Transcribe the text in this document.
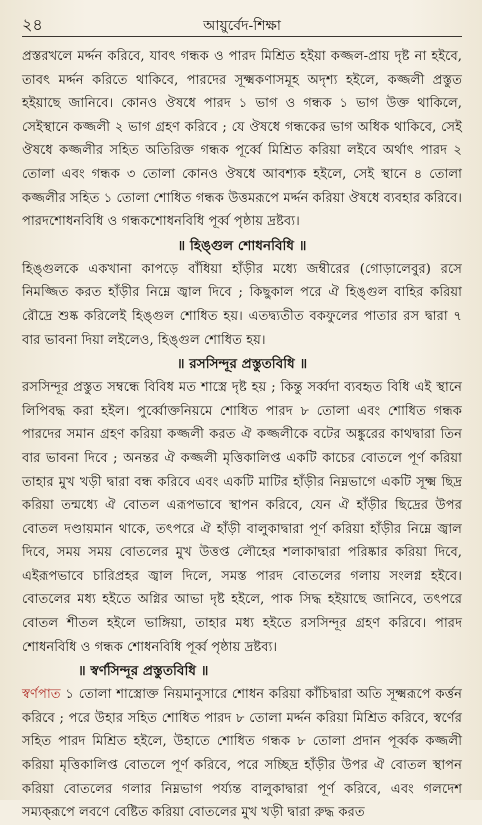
২৪	আয়ুর্বেদ-শিক্ষা

প্রস্তরখলে মর্দ্দন করিবে, যাবৎ গন্ধক ও পারদ মিশ্রিত হইয়া কজ্জল-প্রায় দৃষ্ট না হইবে, তাবৎ মর্দ্দন করিতে থাকিবে, পারদের সূক্ষ্মকণাসমূহ অদৃশ্য হইলে, কজ্জলী প্রস্তুত হইয়াছে জানিবে। কোনও ঔষধে পারদ ১ ভাগ ও গন্ধক ১ ভাগ উক্ত থাকিলে, সেইস্থানে কজ্জলী ২ ভাগ গ্রহণ করিবে ; যে ঔষধে গন্ধকের ভাগ অধিক থাকিবে, সেই ঔষধে কজ্জলীর সহিত অতিরিক্ত গন্ধক পূর্ব্বে মিশ্রিত করিয়া লইবে অর্থাৎ পারদ ২ তোলা এবং গন্ধক ৩ তোলা কোনও ঔষধে আবশ্যক হইলে, সেই স্থানে ৪ তোলা কজ্জলীর সহিত ১ তোলা শোধিত গন্ধক উত্তমরূপে মর্দ্দন করিয়া ঔষধে ব্যবহার করিবে। পারদশোধনবিধি ও গন্ধকশোধনবিধি পূর্ব্ব পৃষ্ঠায় দ্রষ্টব্য।

॥ হিঙ্গুল শোধনবিধি ॥

হিঙ্গুলকে একখানা কাপড়ে বাঁধিয়া হাঁড়ীর মধ্যে জম্বীরের (গোড়ালেবুর) রসে নিমজ্জিত করত হাঁড়ীর নিম্নে জ্বাল দিবে ; কিছুকাল পরে ঐ হিঙ্গুল বাহির করিয়া রৌদ্রে শুষ্ক করিলেই হিঙ্গুল শোধিত হয়। এতদ্ব্যতীত বকফুলের পাতার রস দ্বারা ৭ বার ভাবনা দিয়া লইলেও, হিঙ্গুল শোধিত হয়।

॥ রসসিন্দূর প্রস্তুতবিধি ॥

রসসিন্দূর প্রস্তুত সম্বন্ধে বিবিধ মত শাস্ত্রে দৃষ্ট হয় ; কিন্তু সর্ব্বদা ব্যবহৃত বিধি এই স্থানে লিপিবদ্ধ করা হইল। পুর্ব্বোক্তনিয়মে শোধিত পারদ ৮ তোলা এবং শোধিত গন্ধক পারদের সমান গ্রহণ করিয়া কজ্জলী করত ঐ কজ্জলীকে বটের অঙ্কুরের কাথদ্বারা তিন বার ভাবনা দিবে ; অনন্তর ঐ কজ্জলী মৃত্তিকালিপ্ত একটি কাচের বোতলে পূর্ণ করিয়া তাহার মুখ খড়ী দ্বারা বন্ধ করিবে এবং একটি মাটির হাঁড়ীর নিম্নভাগে একটি সূক্ষ্ম ছিদ্র করিয়া তন্মধ্যে ঐ বোতল এরূপভাবে স্থাপন করিবে, যেন ঐ হাঁড়ীর ছিদ্রের উপর বোতল দণ্ডায়মান থাকে, তৎপরে ঐ হাঁড়ী বালুকাদ্বারা পূর্ণ করিয়া হাঁড়ীর নিম্নে জ্বাল দিবে, সময় সময় বোতলের মুখ উত্তপ্ত লৌহের শলাকাদ্বারা পরিষ্কার করিয়া দিবে, এইরূপভাবে চারিপ্রহর জ্বাল দিলে, সমস্ত পারদ বোতলের গলায় সংলগ্ন হইবে। বোতলের মধ্য হইতে অগ্নির আভা দৃষ্ট হইলে, পাক সিদ্ধ হইয়াছে জানিবে, তৎপরে বোতল শীতল হইলে ভাঙ্গিয়া, তাহার মধ্য হইতে রসসিন্দূর গ্রহণ করিবে। পারদ শোধনবিধি ও গন্ধক শোধনবিধি পূর্ব্ব পৃষ্ঠায় দ্রষ্টব্য।

॥ স্বর্ণসিন্দূর প্রস্তুতবিধি ॥

স্বর্ণপাত ১ তোলা শাস্ত্রোক্ত নিয়মানুসারে শোধন করিয়া কাঁচিদ্বারা অতি সূক্ষ্মরূপে কর্ত্তন করিবে ; পরে উহার সহিত শোধিত পারদ ৮ তোলা মর্দ্দন করিয়া মিশ্রিত করিবে, স্বর্ণের সহিত পারদ মিশ্রিত হইলে, উহাতে শোধিত গন্ধক ৮ তোলা প্রদান পূর্ব্বক কজ্জলী করিয়া মৃত্তিকালিপ্ত বোতলে পূর্ণ করিবে, পরে সচ্ছিদ্র হাঁড়ীর উপর ঐ বোতল স্থাপন করিয়া বোতলের গলার নিম্নভাগ পর্য্যন্ত বালুকাদ্বারা পূর্ণ করিবে, এবং গলদেশ সম্যক্‌রূপে লবণে বেষ্টিত করিয়া বোতলের মুখ খড়ী দ্বারা রুদ্ধ করত
